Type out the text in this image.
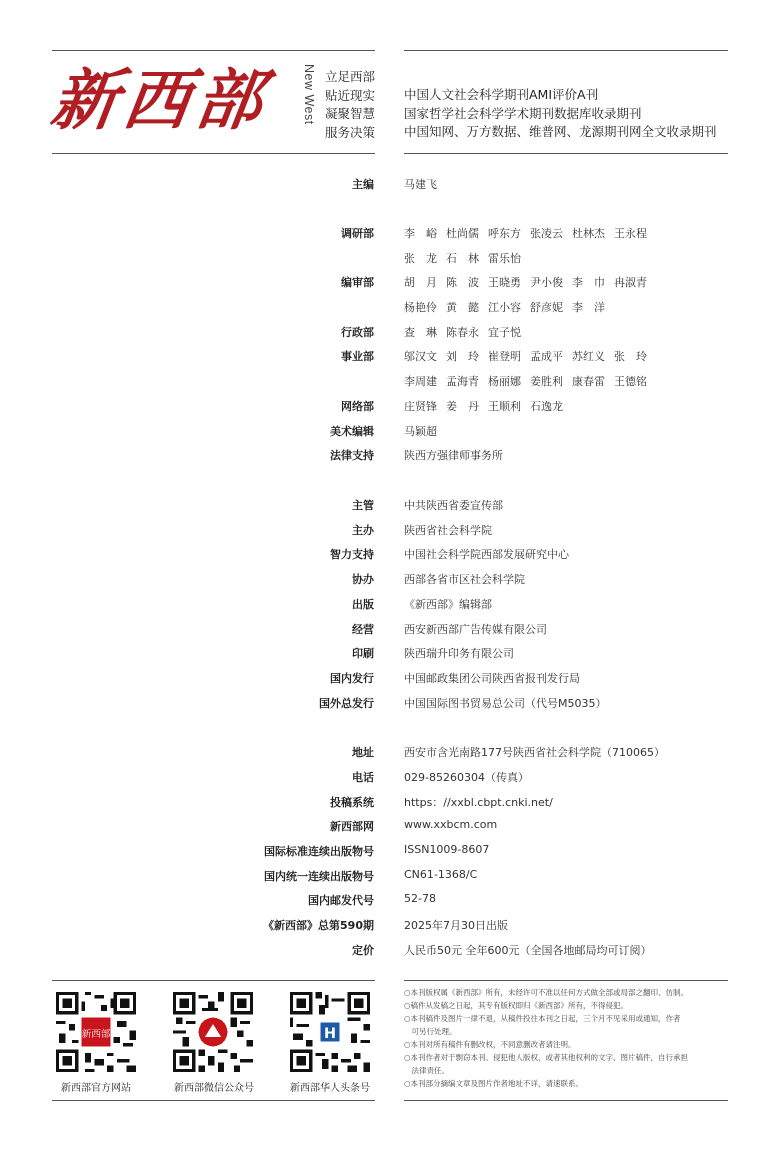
新西部 New West 立足西部
贴近现实
凝聚智慧
服务决策
中国人文社会科学期刊AMI评价A刊
国家哲学社会科学学术期刊数据库收录期刊
中国知网、万方数据、维普网、龙源期刊网全文收录期刊
主编	马建飞
调研部	李　峪 杜尚儒 呼东方 张凌云 杜林杰 王永程
张　龙 石　林 雷乐怡
编审部	胡　月 陈　波 王晓勇 尹小俊 李　巾 冉淑青
杨艳伶 黄　懿 江小容 舒彦妮 李　洋
行政部	查　琳 陈春永 宜子悦
事业部	邬汉文 刘　玲 崔登明 孟成平 苏红义 张　玲
李周建 孟海青 杨丽娜 姜胜利 康春雷 王德铭
网络部	庄贤锋 姜　丹 王顺利 石逸龙
美术编辑	马颖超
法律支持	陕西方强律师事务所
主管	中共陕西省委宣传部
主办	陕西省社会科学院
智力支持	中国社会科学院西部发展研究中心
协办	西部各省市区社会科学院
出版	《新西部》编辑部
经营	西安新西部广告传媒有限公司
印刷	陕西瑞升印务有限公司
国内发行	中国邮政集团公司陕西省报刊发行局
国外总发行	中国国际图书贸易总公司（代号M5035）
地址	西安市含光南路177号陕西省社会科学院（710065）
电话	029-85260304（传真）
投稿系统	https：//xxbl.cbpt.cnki.net/
新西部网	www.xxbcm.com
国际标准连续出版物号	ISSN1009-8607
国内统一连续出版物号	CN61-1368/C
国内邮发代号	52-78
《新西部》总第590期	2025年7月30日出版
定价	人民币50元 全年600元（全国各地邮局均可订阅）
新西部	H
新西部官方网站	新西部微信公众号	新西部华人头条号
○本刊版权属《新西部》所有，未经许可不准以任何方式做全部或局部之翻印、仿制。
○稿件从发稿之日起，其专有版权即归《新西部》所有，不得侵犯。
○本刊稿件及图片一律不退，从稿件投往本刊之日起，三个月不见采用或通知，作者
　可另行处理。
○本刊对所有稿件有删改权，不同意删改者请注明。
○本刊作者对于剽窃本刊、侵犯他人版权，或者其他权利的文字、图片稿件，自行承担
　法律责任。
○本刊部分摘编文章及图片作者地址不详，请速联系。
